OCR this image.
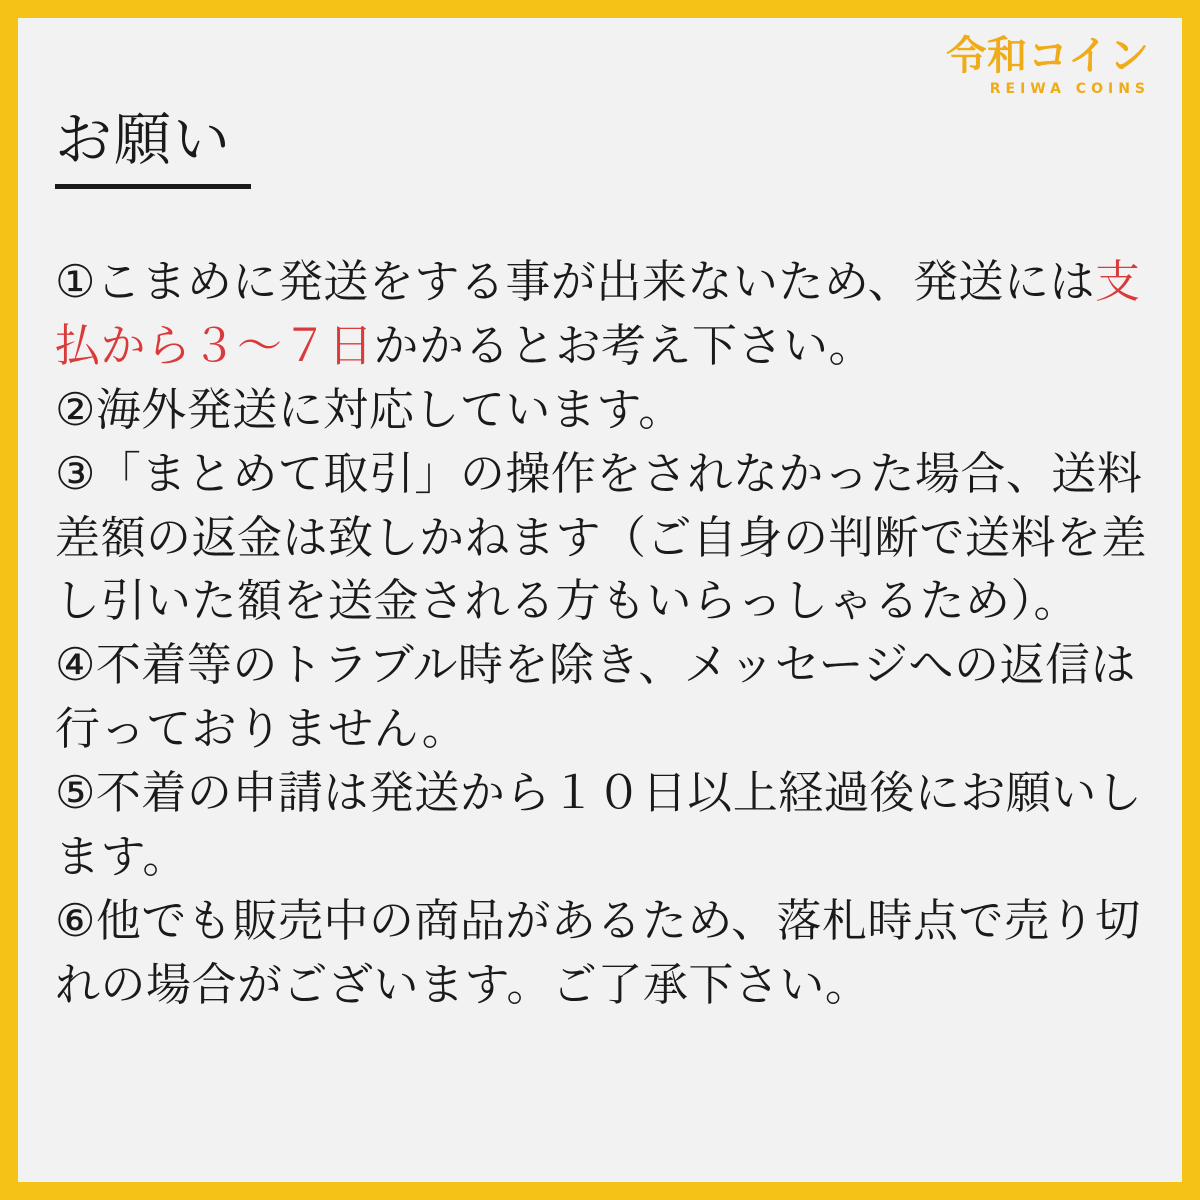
令和コイン
REIWA COINS
お願い

①こまめに発送をする事が出来ないため、発送には支払から３〜７日かかるとお考え下さい。

②海外発送に対応しています。

③「まとめて取引」の操作をされなかった場合、送料差額の返金は致しかねます（ご自身の判断で送料を差し引いた額を送金される方もいらっしゃるため）。

④不着等のトラブル時を除き、メッセージへの返信は行っておりません。

⑤不着の申請は発送から１０日以上経過後にお願いします。

⑥他でも販売中の商品があるため、落札時点で売り切れの場合がございます。ご了承下さい。
